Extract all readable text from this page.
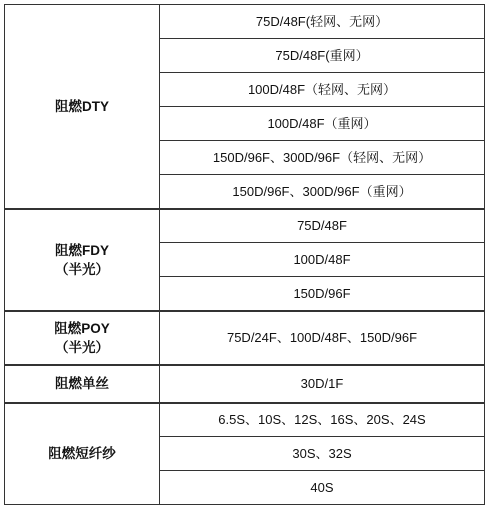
阻燃DTY	75D/48F(轻网、无网）
	75D/48F(重网）
	100D/48F（轻网、无网）
	100D/48F（重网）
	150D/96F、300D/96F（轻网、无网）
	150D/96F、300D/96F（重网）

阻燃FDY
（半光）	75D/48F
	100D/48F
	150D/96F

阻燃POY
（半光）	75D/24F、100D/48F、150D/96F

阻燃单丝	30D/1F

阻燃短纤纱	6.5S、10S、12S、16S、20S、24S
	30S、32S
	40S
